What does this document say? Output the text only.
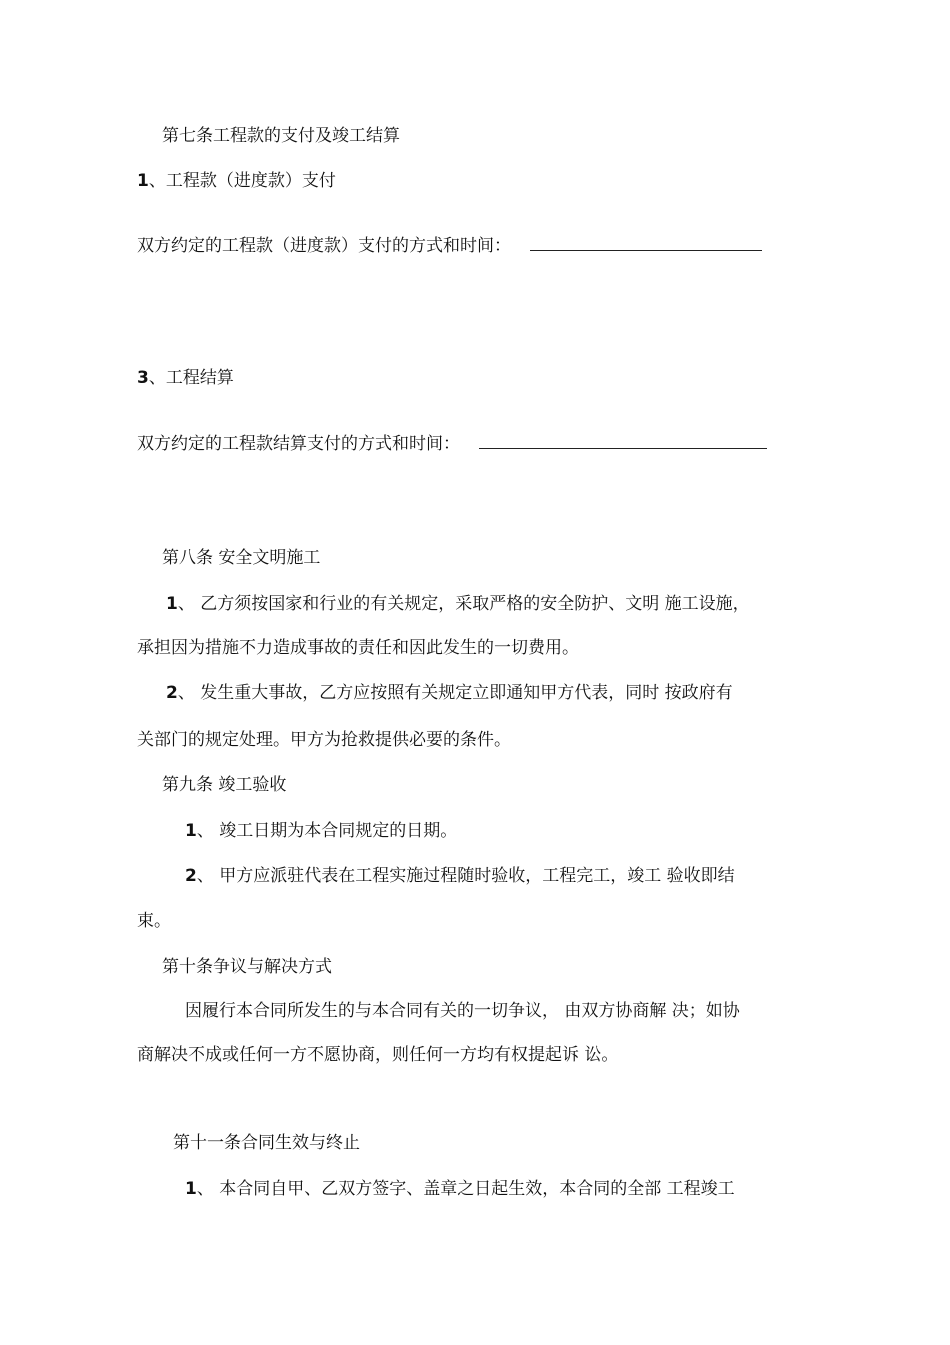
第七条工程款的支付及竣工结算
1、工程款（进度款）支付
双方约定的工程款（进度款）支付的方式和时间：
3、工程结算
双方约定的工程款结算支付的方式和时间：
第八条 安全文明施工
1、 乙方须按国家和行业的有关规定，采取严格的安全防护、文明 施工设施，
承担因为措施不力造成事故的责任和因此发生的一切费用。
2、 发生重大事故，乙方应按照有关规定立即通知甲方代表，同时 按政府有
关部门的规定处理。甲方为抢救提供必要的条件。
第九条 竣工验收
1、 竣工日期为本合同规定的日期。
2、 甲方应派驻代表在工程实施过程随时验收，工程完工，竣工 验收即结
束。
第十条争议与解决方式
因履行本合同所发生的与本合同有关的一切争议， 由双方协商解 决；如协
商解决不成或任何一方不愿协商，则任何一方均有权提起诉 讼。
第十一条合同生效与终止
1、 本合同自甲、乙双方签字、盖章之日起生效，本合同的全部 工程竣工
